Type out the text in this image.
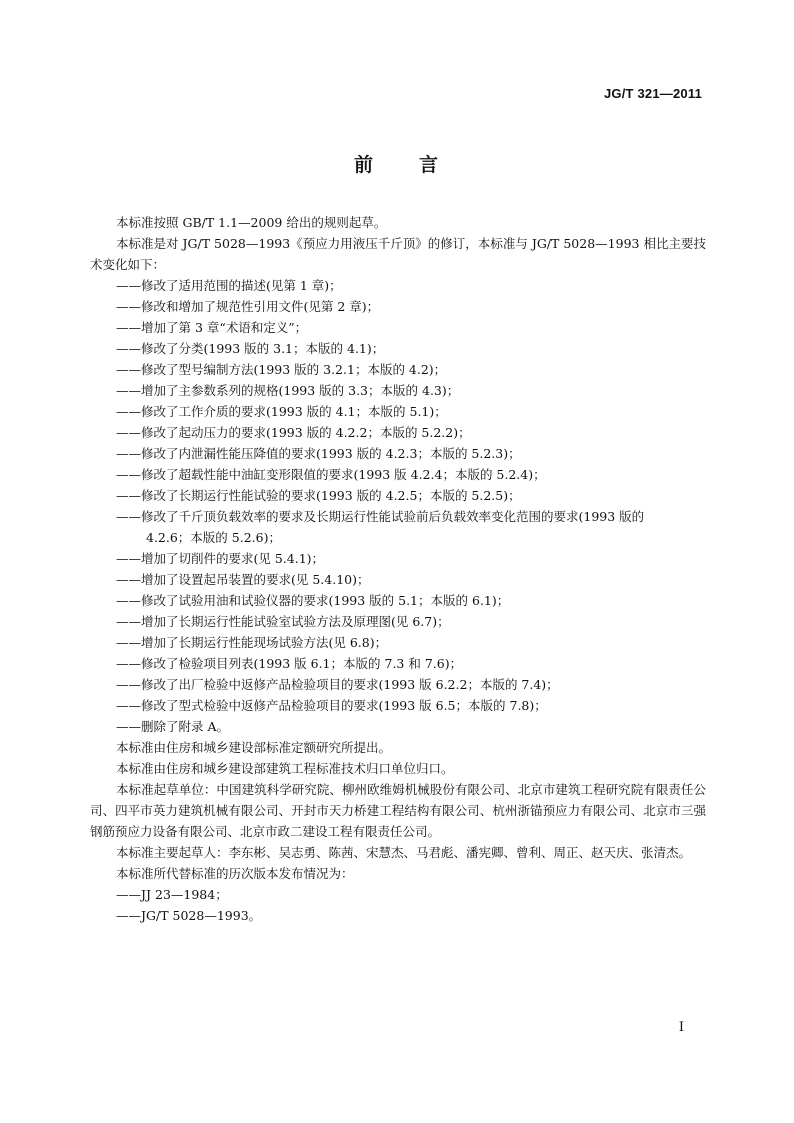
JG/T 321—2011
前 言
本标准按照 GB/T 1.1—2009 给出的规则起草。
本标准是对 JG/T 5028—1993《预应力用液压千斤顶》的修订，本标准与 JG/T 5028—1993 相比主要技术变化如下：
——修改了适用范围的描述(见第 1 章)；
——修改和增加了规范性引用文件(见第 2 章)；
——增加了第 3 章“术语和定义”；
——修改了分类(1993 版的 3.1；本版的 4.1)；
——修改了型号编制方法(1993 版的 3.2.1；本版的 4.2)；
——增加了主参数系列的规格(1993 版的 3.3；本版的 4.3)；
——修改了工作介质的要求(1993 版的 4.1；本版的 5.1)；
——修改了起动压力的要求(1993 版的 4.2.2；本版的 5.2.2)；
——修改了内泄漏性能压降值的要求(1993 版的 4.2.3；本版的 5.2.3)；
——修改了超载性能中油缸变形限值的要求(1993 版 4.2.4；本版的 5.2.4)；
——修改了长期运行性能试验的要求(1993 版的 4.2.5；本版的 5.2.5)；
——修改了千斤顶负载效率的要求及长期运行性能试验前后负载效率变化范围的要求(1993 版的
4.2.6；本版的 5.2.6)；
——增加了切削件的要求(见 5.4.1)；
——增加了设置起吊装置的要求(见 5.4.10)；
——修改了试验用油和试验仪器的要求(1993 版的 5.1；本版的 6.1)；
——增加了长期运行性能试验室试验方法及原理图(见 6.7)；
——增加了长期运行性能现场试验方法(见 6.8)；
——修改了检验项目列表(1993 版 6.1；本版的 7.3 和 7.6)；
——修改了出厂检验中返修产品检验项目的要求(1993 版 6.2.2；本版的 7.4)；
——修改了型式检验中返修产品检验项目的要求(1993 版 6.5；本版的 7.8)；
——删除了附录 A。
本标准由住房和城乡建设部标准定额研究所提出。
本标准由住房和城乡建设部建筑工程标准技术归口单位归口。
本标准起草单位：中国建筑科学研究院、柳州欧维姆机械股份有限公司、北京市建筑工程研究院有限责任公司、四平市英力建筑机械有限公司、开封市天力桥建工程结构有限公司、杭州浙锚预应力有限公司、北京市三强钢筋预应力设备有限公司、北京市政二建设工程有限责任公司。
本标准主要起草人：李东彬、吴志勇、陈茜、宋慧杰、马君彪、潘宪卿、曾利、周正、赵天庆、张清杰。
本标准所代替标准的历次版本发布情况为：
——JJ 23—1984；
——JG/T 5028—1993。
I
